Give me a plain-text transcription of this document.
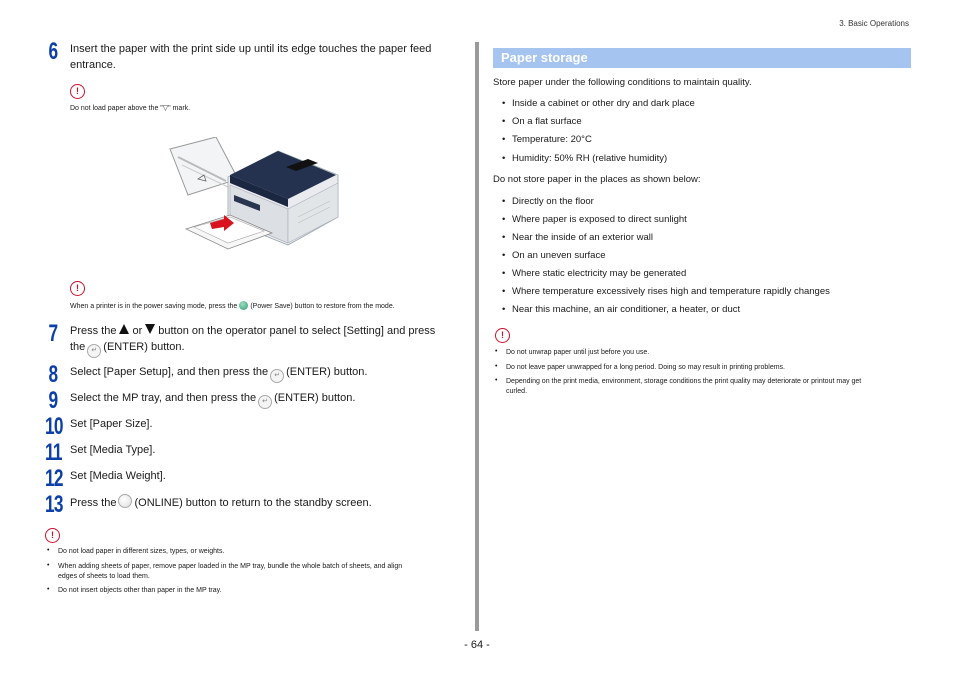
3. Basic Operations
6	Insert the paper with the print side up until its edge touches the paper feed
entrance.
!
Do not load paper above the "▽" mark.
!
When a printer is in the power saving mode, press the (Power Save) button to restore from the mode.
7	Press the or button on the operator panel to select [Setting] and press
the ↵ (ENTER) button.
8	Select [Paper Setup], and then press the ↵ (ENTER) button.
9	Select the MP tray, and then press the ↵ (ENTER) button.
10 Set [Paper Size].
11 Set [Media Type].
12 Set [Media Weight].
13 Press the (ONLINE) button to return to the standby screen.
!
• Do not load paper in different sizes, types, or weights.
• When adding sheets of paper, remove paper loaded in the MP tray, bundle the whole batch of sheets, and align
edges of sheets to load them.
• Do not insert objects other than paper in the MP tray.
Paper storage
Store paper under the following conditions to maintain quality.
• Inside a cabinet or other dry and dark place
• On a flat surface
• Temperature: 20°C
• Humidity: 50% RH (relative humidity)
Do not store paper in the places as shown below:
• Directly on the floor
• Where paper is exposed to direct sunlight
• Near the inside of an exterior wall
• On an uneven surface
• Where static electricity may be generated
• Where temperature excessively rises high and temperature rapidly changes
• Near this machine, an air conditioner, a heater, or duct
!
• Do not unwrap paper until just before you use.
• Do not leave paper unwrapped for a long period. Doing so may result in printing problems.
• Depending on the print media, environment, storage conditions the print quality may deteriorate or printout may get
curled.
- 64 -
